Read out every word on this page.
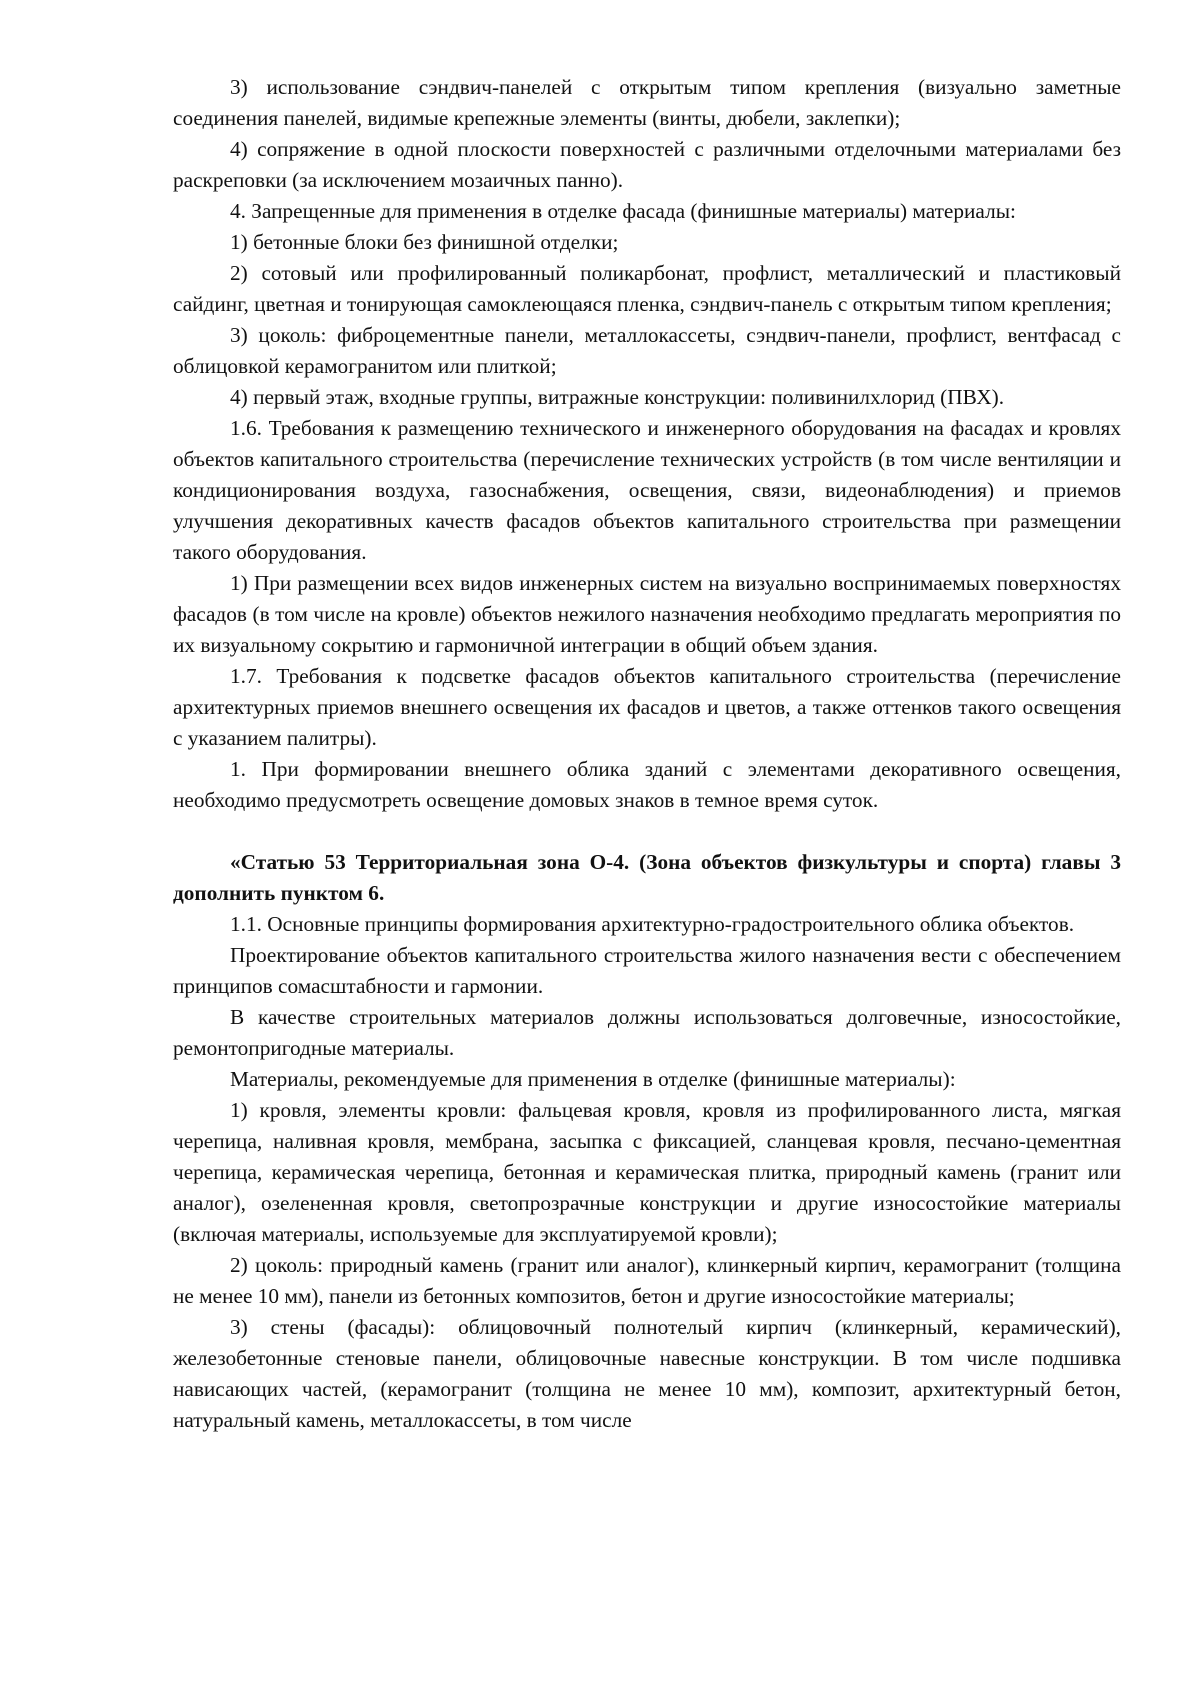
3) использование сэндвич-панелей с открытым типом крепления (визуально заметные соединения панелей, видимые крепежные элементы (винты, дюбели, заклепки);

4) сопряжение в одной плоскости поверхностей с различными отделочными материалами без раскреповки (за исключением мозаичных панно).

4. Запрещенные для применения в отделке фасада (финишные материалы) материалы:

1) бетонные блоки без финишной отделки;

2) сотовый или профилированный поликарбонат, профлист, металлический и пластиковый сайдинг, цветная и тонирующая самоклеющаяся пленка, сэндвич-панель с открытым типом крепления;

3) цоколь: фиброцементные панели, металлокассеты, сэндвич-панели, профлист, вентфасад с облицовкой керамогранитом или плиткой;

4) первый этаж, входные группы, витражные конструкции: поливинилхлорид (ПВХ).

1.6. Требования к размещению технического и инженерного оборудования на фасадах и кровлях объектов капитального строительства (перечисление технических устройств (в том числе вентиляции и кондиционирования воздуха, газоснабжения, освещения, связи, видеонаблюдения) и приемов улучшения декоративных качеств фасадов объектов капитального строительства при размещении такого оборудования.

1) При размещении всех видов инженерных систем на визуально воспринимаемых поверхностях фасадов (в том числе на кровле) объектов нежилого назначения необходимо предлагать мероприятия по их визуальному сокрытию и гармоничной интеграции в общий объем здания.

1.7. Требования к подсветке фасадов объектов капитального строительства (перечисление архитектурных приемов внешнего освещения их фасадов и цветов, а также оттенков такого освещения с указанием палитры).

1. При формировании внешнего облика зданий с элементами декоративного освещения, необходимо предусмотреть освещение домовых знаков в темное время суток.

«Статью 53 Территориальная зона О-4. (Зона объектов физкультуры и спорта) главы 3 дополнить пунктом 6.

1.1. Основные принципы формирования архитектурно-градостроительного облика объектов.

Проектирование объектов капитального строительства жилого назначения вести с обеспечением принципов сомасштабности и гармонии.

В качестве строительных материалов должны использоваться долговечные, износостойкие, ремонтопригодные материалы.

Материалы, рекомендуемые для применения в отделке (финишные материалы):

1) кровля, элементы кровли: фальцевая кровля, кровля из профилированного листа, мягкая черепица, наливная кровля, мембрана, засыпка с фиксацией, сланцевая кровля, песчано-цементная черепица, керамическая черепица, бетонная и керамическая плитка, природный камень (гранит или аналог), озелененная кровля, светопрозрачные конструкции и другие износостойкие материалы (включая материалы, используемые для эксплуатируемой кровли);

2) цоколь: природный камень (гранит или аналог), клинкерный кирпич, керамогранит (толщина не менее 10 мм), панели из бетонных композитов, бетон и другие износостойкие материалы;

3) стены (фасады): облицовочный полнотелый кирпич (клинкерный, керамический), железобетонные стеновые панели, облицовочные навесные конструкции. В том числе подшивка нависающих частей, (керамогранит (толщина не менее 10 мм), композит, архитектурный бетон, натуральный камень, металлокассеты, в том числе
